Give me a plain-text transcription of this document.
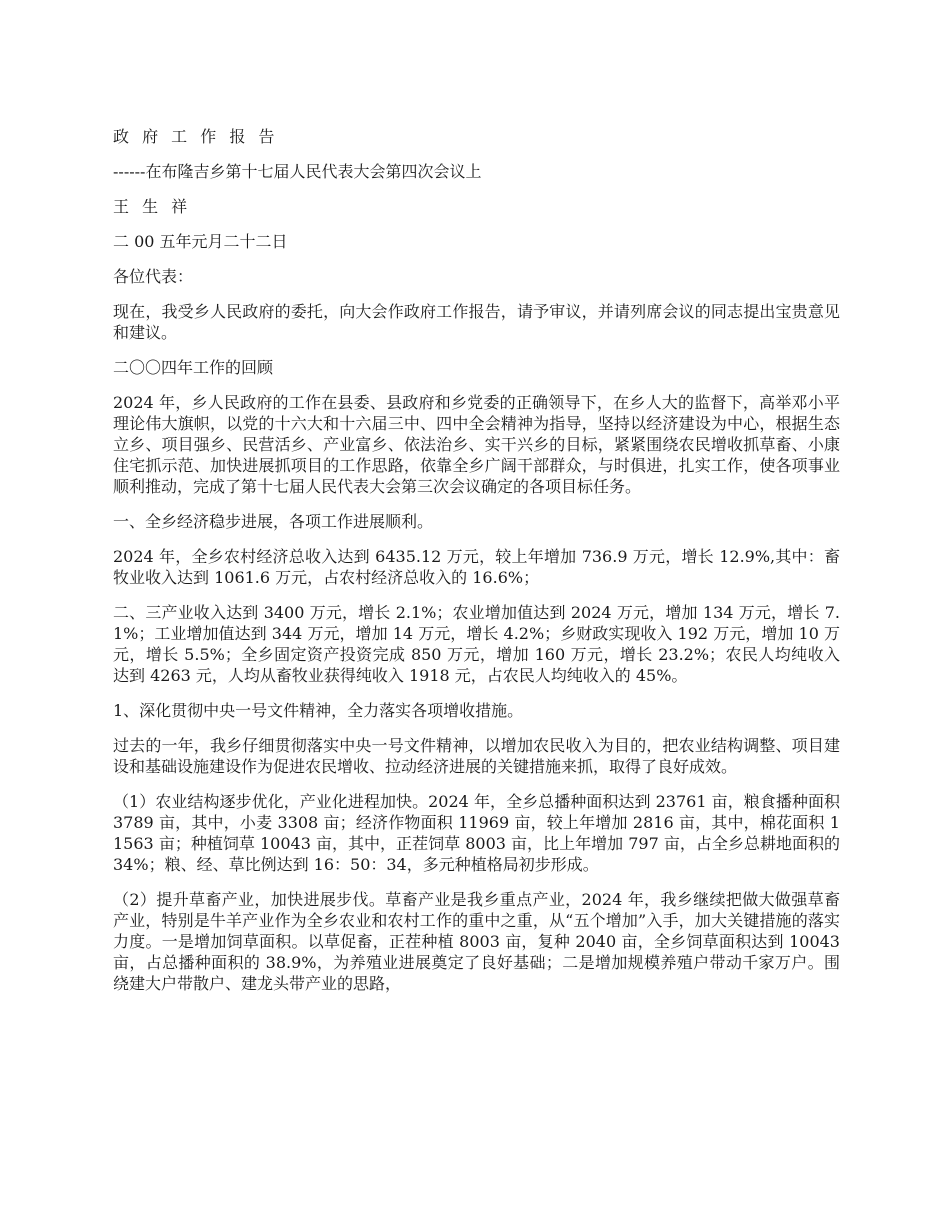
政 府 工 作 报 告

------在布隆吉乡第十七届人民代表大会第四次会议上

王 生 祥

二 00 五年元月二十二日

各位代表：

现在，我受乡人民政府的委托，向大会作政府工作报告，请予审议，并请列席会议的同志提出宝贵意见和建议。

二〇〇四年工作的回顾

2024 年，乡人民政府的工作在县委、县政府和乡党委的正确领导下，在乡人大的监督下，高举邓小平理论伟大旗帜，以党的十六大和十六届三中、四中全会精神为指导，坚持以经济建设为中心，根据生态立乡、项目强乡、民营活乡、产业富乡、依法治乡、实干兴乡的目标，紧紧围绕农民增收抓草畜、小康住宅抓示范、加快进展抓项目的工作思路，依靠全乡广阔干部群众，与时俱进，扎实工作，使各项事业顺利推动，完成了第十七届人民代表大会第三次会议确定的各项目标任务。

一、全乡经济稳步进展，各项工作进展顺利。

2024 年，全乡农村经济总收入达到 6435.12 万元，较上年增加 736.9 万元，增长 12.9%,其中：畜牧业收入达到 1061.6 万元，占农村经济总收入的 16.6%；

二、三产业收入达到 3400 万元，增长 2.1%；农业增加值达到 2024 万元，增加 134 万元，增长 7.1%；工业增加值达到 344 万元，增加 14 万元，增长 4.2%；乡财政实现收入 192 万元，增加 10 万元，增长 5.5%；全乡固定资产投资完成 850 万元，增加 160 万元，增长 23.2%；农民人均纯收入达到 4263 元，人均从畜牧业获得纯收入 1918 元，占农民人均纯收入的 45%。

1、深化贯彻中央一号文件精神，全力落实各项增收措施。

过去的一年，我乡仔细贯彻落实中央一号文件精神，以增加农民收入为目的，把农业结构调整、项目建设和基础设施建设作为促进农民增收、拉动经济进展的关键措施来抓，取得了良好成效。

（1）农业结构逐步优化，产业化进程加快。2024 年，全乡总播种面积达到 23761 亩，粮食播种面积 3789 亩，其中，小麦 3308 亩；经济作物面积 11969 亩，较上年增加 2816 亩，其中，棉花面积 11563 亩；种植饲草 10043 亩，其中，正茬饲草 8003 亩，比上年增加 797 亩，占全乡总耕地面积的 34%；粮、经、草比例达到 16：50：34，多元种植格局初步形成。

（2）提升草畜产业，加快进展步伐。草畜产业是我乡重点产业，2024 年，我乡继续把做大做强草畜产业，特别是牛羊产业作为全乡农业和农村工作的重中之重，从“五个增加”入手，加大关键措施的落实力度。一是增加饲草面积。以草促畜，正茬种植 8003 亩，复种 2040 亩，全乡饲草面积达到 10043 亩，占总播种面积的 38.9%，为养殖业进展奠定了良好基础；二是增加规模养殖户带动千家万户。围绕建大户带散户、建龙头带产业的思路，
